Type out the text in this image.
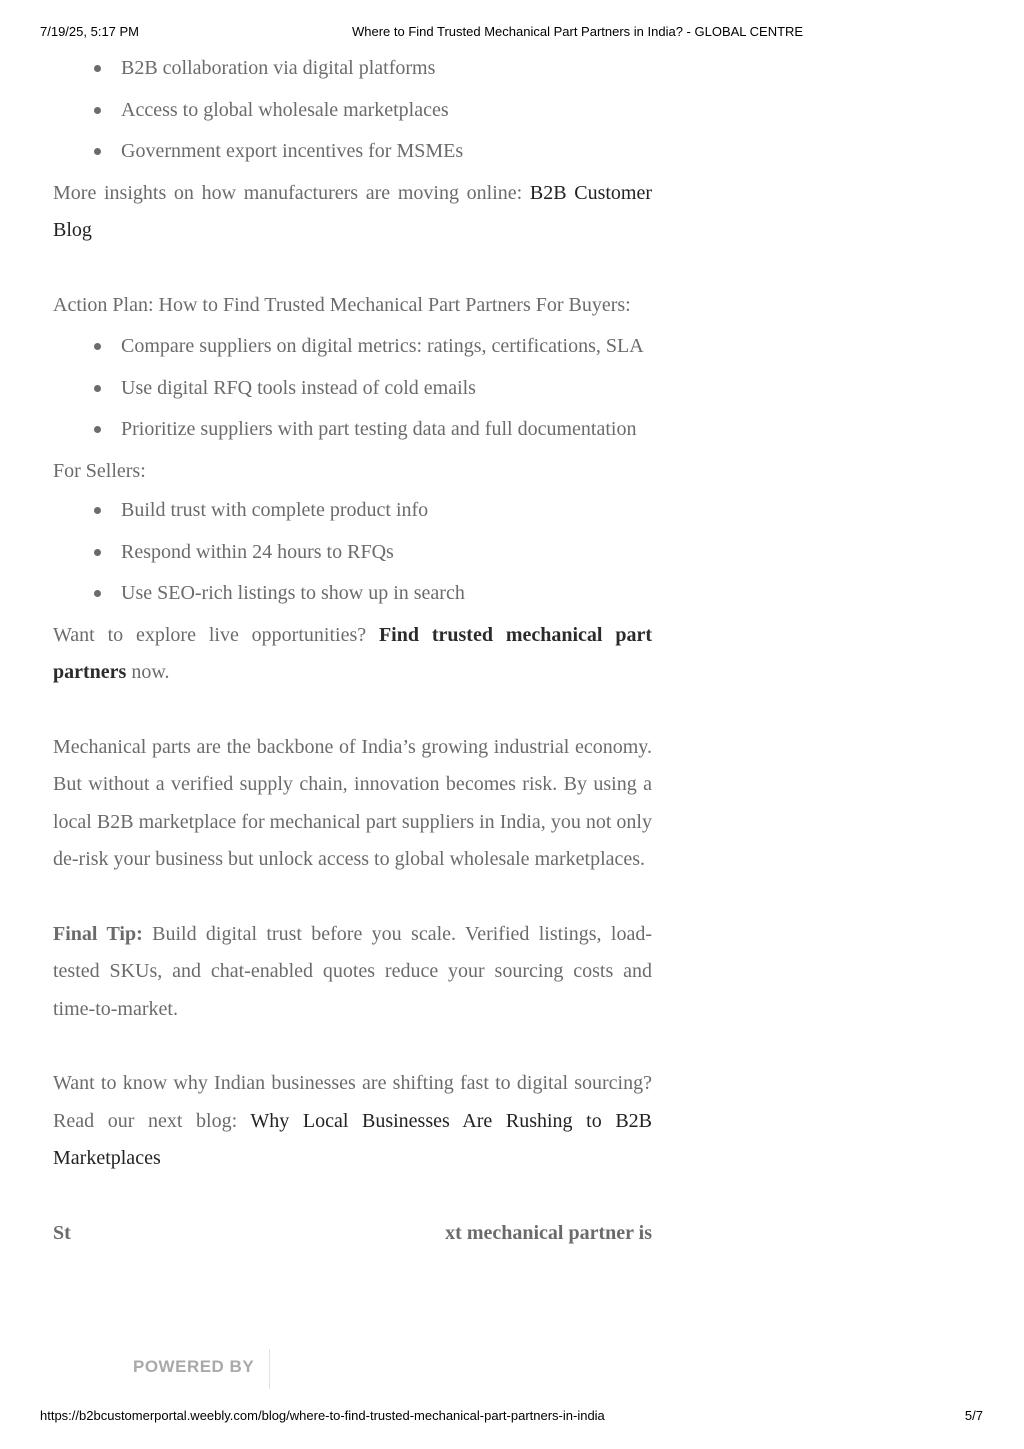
7/19/25, 5:17 PM	Where to Find Trusted Mechanical Part Partners in India? - GLOBAL CENTRE
B2B collaboration via digital platforms
Access to global wholesale marketplaces
Government export incentives for MSMEs

More insights on how manufacturers are moving online: B2B Customer Blog

Action Plan: How to Find Trusted Mechanical Part Partners For Buyers:

Compare suppliers on digital metrics: ratings, certifications, SLA
Use digital RFQ tools instead of cold emails
Prioritize suppliers with part testing data and full documentation

For Sellers:

Build trust with complete product info
Respond within 24 hours to RFQs
Use SEO-rich listings to show up in search

Want to explore live opportunities? Find trusted mechanical part partners now.

Mechanical parts are the backbone of India’s growing industrial economy. But without a verified supply chain, innovation becomes risk. By using a local B2B marketplace for mechanical part suppliers in India, you not only de-risk your business but unlock access to global wholesale marketplaces.

Final Tip: Build digital trust before you scale. Verified listings, load-tested SKUs, and chat-enabled quotes reduce your sourcing costs and time-to-market.

Want to know why Indian businesses are shifting fast to digital sourcing? Read our next blog: Why Local Businesses Are Rushing to B2B Marketplaces

St	xt mechanical partner is

POWERED BY
https://b2bcustomerportal.weebly.com/blog/where-to-find-trusted-mechanical-part-partners-in-india	5/7
